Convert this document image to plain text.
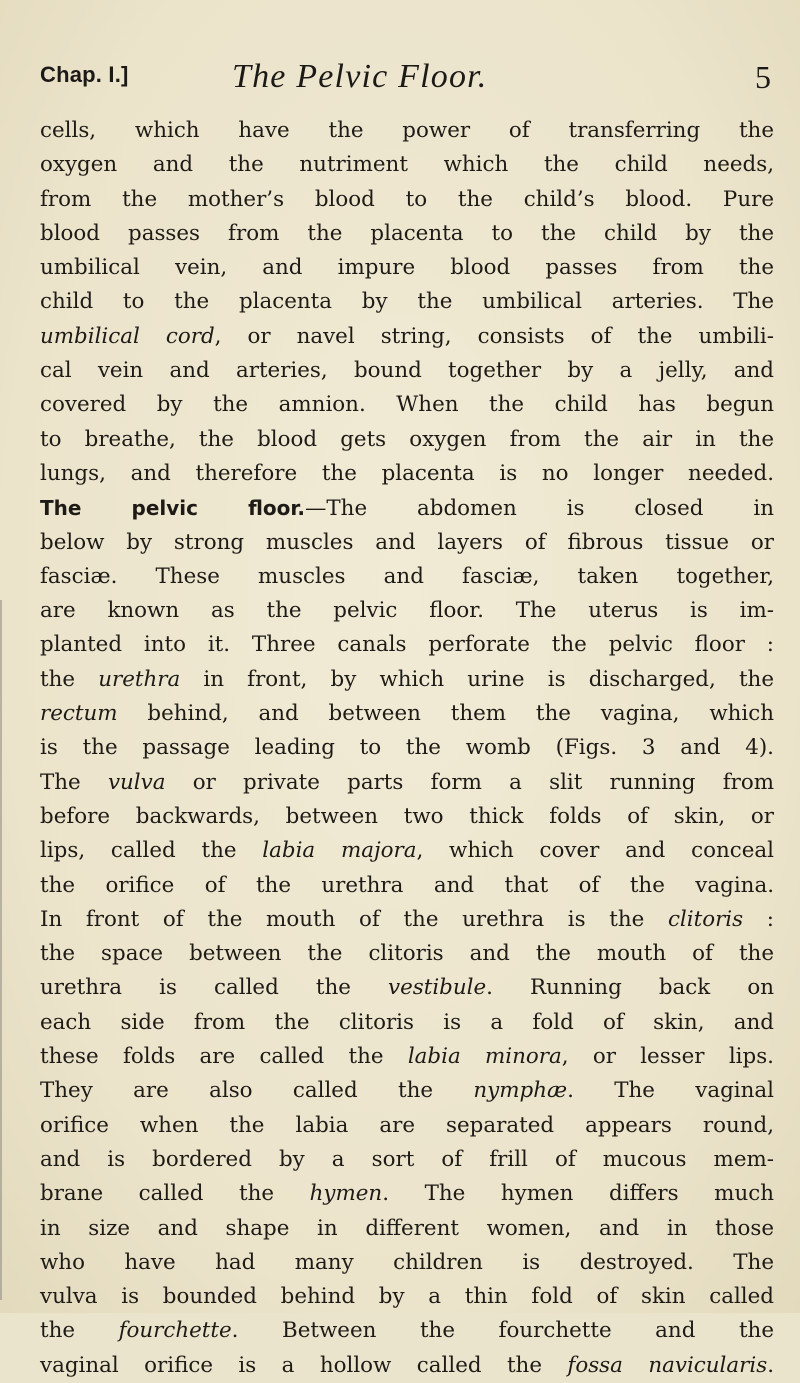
Chap. I.]	The Pelvic Floor.	5
cells, which have the power of transferring the
oxygen and the nutriment which the child needs,
from the mother’s blood to the child’s blood. Pure
blood passes from the placenta to the child by the
umbilical vein, and impure blood passes from the
child to the placenta by the umbilical arteries. The
umbilical cord, or navel string, consists of the umbili-
cal vein and arteries, bound together by a jelly, and
covered by the amnion. When the child has begun
to breathe, the blood gets oxygen from the air in the
lungs, and therefore the placenta is no longer needed.
The pelvic floor.—The abdomen is closed in
below by strong muscles and layers of fibrous tissue or
fasciæ. These muscles and fasciæ, taken together,
are known as the pelvic floor. The uterus is im-
planted into it. Three canals perforate the pelvic floor :
the urethra in front, by which urine is discharged, the
rectum behind, and between them the vagina, which
is the passage leading to the womb (Figs. 3 and 4).
The vulva or private parts form a slit running from
before backwards, between two thick folds of skin, or
lips, called the labia majora, which cover and conceal
the orifice of the urethra and that of the vagina.
In front of the mouth of the urethra is the clitoris :
the space between the clitoris and the mouth of the
urethra is called the vestibule. Running back on
each side from the clitoris is a fold of skin, and
these folds are called the labia minora, or lesser lips.
They are also called the nymphæ. The vaginal
orifice when the labia are separated appears round,
and is bordered by a sort of frill of mucous mem-
brane called the hymen. The hymen differs much
in size and shape in different women, and in those
who have had many children is destroyed. The
vulva is bounded behind by a thin fold of skin called
the fourchette. Between the fourchette and the
vaginal orifice is a hollow called the fossa navicularis.
